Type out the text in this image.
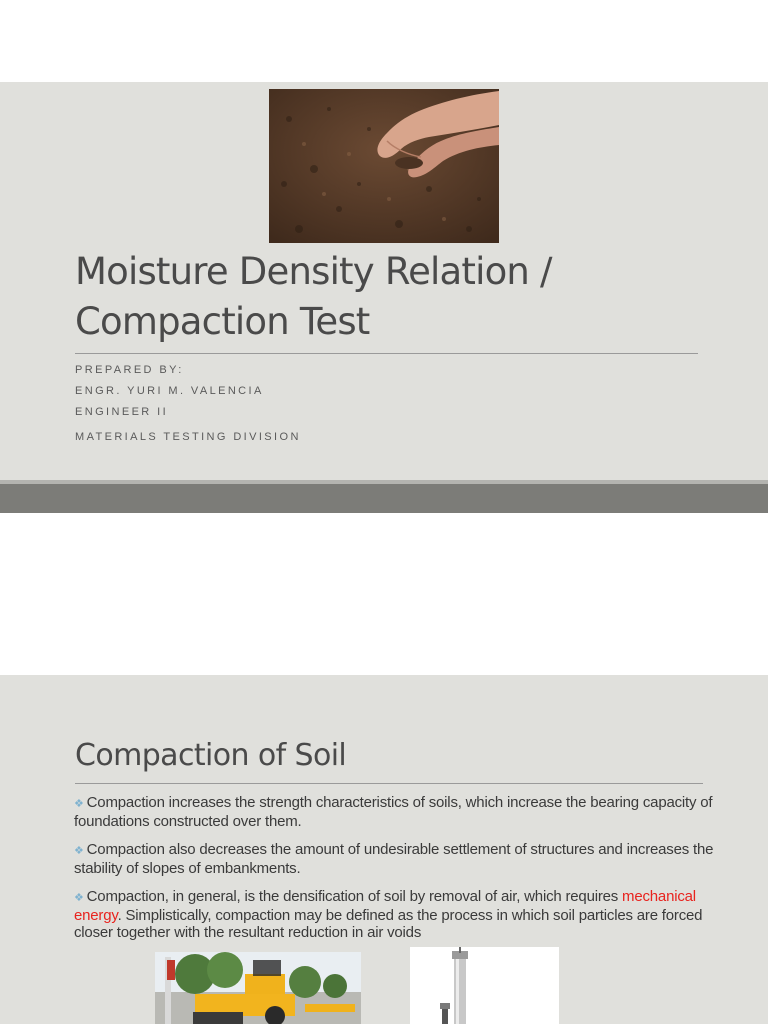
Moisture Density Relation /
Compaction Test
PREPARED BY:
ENGR. YURI M. VALENCIA
ENGINEER II
MATERIALS TESTING DIVISION
Compaction of Soil
❖ Compaction increases the strength characteristics of soils, which increase the bearing capacity of foundations constructed over them.
❖ Compaction also decreases the amount of undesirable settlement of structures and increases the stability of slopes of embankments.
❖ Compaction, in general, is the densification of soil by removal of air, which requires mechanical energy. Simplistically, compaction may be defined as the process in which soil particles are forced closer together with the resultant reduction in air voids
